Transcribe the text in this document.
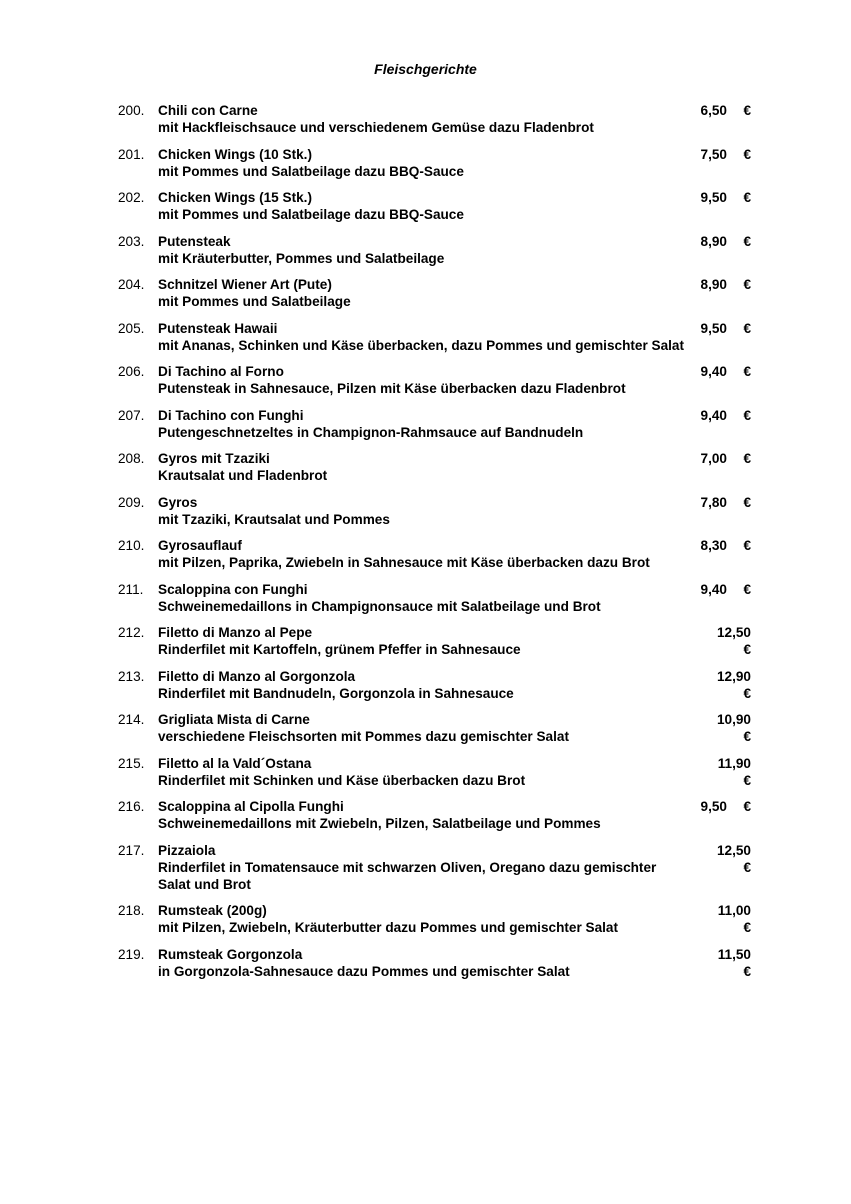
Fleischgerichte
200. Chili con Carne
mit Hackfleischsauce und verschiedenem Gemüse dazu Fladenbrot
6,50 €
201. Chicken Wings (10 Stk.)
mit Pommes und Salatbeilage dazu BBQ-Sauce
7,50 €
202. Chicken Wings (15 Stk.)
mit Pommes und Salatbeilage dazu BBQ-Sauce
9,50 €
203. Putensteak
mit Kräuterbutter, Pommes und Salatbeilage
8,90 €
204. Schnitzel Wiener Art (Pute)
mit Pommes und Salatbeilage
8,90 €
205. Putensteak Hawaii
mit Ananas, Schinken und Käse überbacken, dazu Pommes und gemischter Salat
9,50 €
206. Di Tachino al Forno
Putensteak in Sahnesauce, Pilzen mit Käse überbacken dazu Fladenbrot
9,40 €
207. Di Tachino con Funghi
Putengeschnetzeltes in Champignon-Rahmsauce auf Bandnudeln
9,40 €
208. Gyros mit Tzaziki
Krautsalat und Fladenbrot
7,00 €
209. Gyros
mit Tzaziki, Krautsalat und Pommes
7,80 €
210. Gyrosauflauf
mit Pilzen, Paprika, Zwiebeln in Sahnesauce mit Käse überbacken dazu Brot
8,30 €
211.	Scaloppina con Funghi
Schweinemedaillons in Champignonsauce mit Salatbeilage und Brot
9,40 €
212. Filetto di Manzo al Pepe
Rinderfilet mit Kartoffeln, grünem Pfeffer in Sahnesauce
12,50
€
213. Filetto di Manzo al Gorgonzola
Rinderfilet mit Bandnudeln, Gorgonzola in Sahnesauce
12,90
€
214. Grigliata Mista di Carne
verschiedene Fleischsorten mit Pommes dazu gemischter Salat
10,90
€
215. Filetto al la Vald´Ostana
Rinderfilet mit Schinken und Käse überbacken dazu Brot
11,90
€
216. Scaloppina al Cipolla Funghi
Schweinemedaillons mit Zwiebeln, Pilzen, Salatbeilage und Pommes
9,50 €
217. Pizzaiola
Rinderfilet in Tomatensauce mit schwarzen Oliven, Oregano dazu gemischter Salat und Brot
12,50
€
218. Rumsteak (200g)
mit Pilzen, Zwiebeln, Kräuterbutter dazu Pommes und gemischter Salat
11,00
€
219. Rumsteak Gorgonzola
in Gorgonzola-Sahnesauce dazu Pommes und gemischter Salat
11,50
€
